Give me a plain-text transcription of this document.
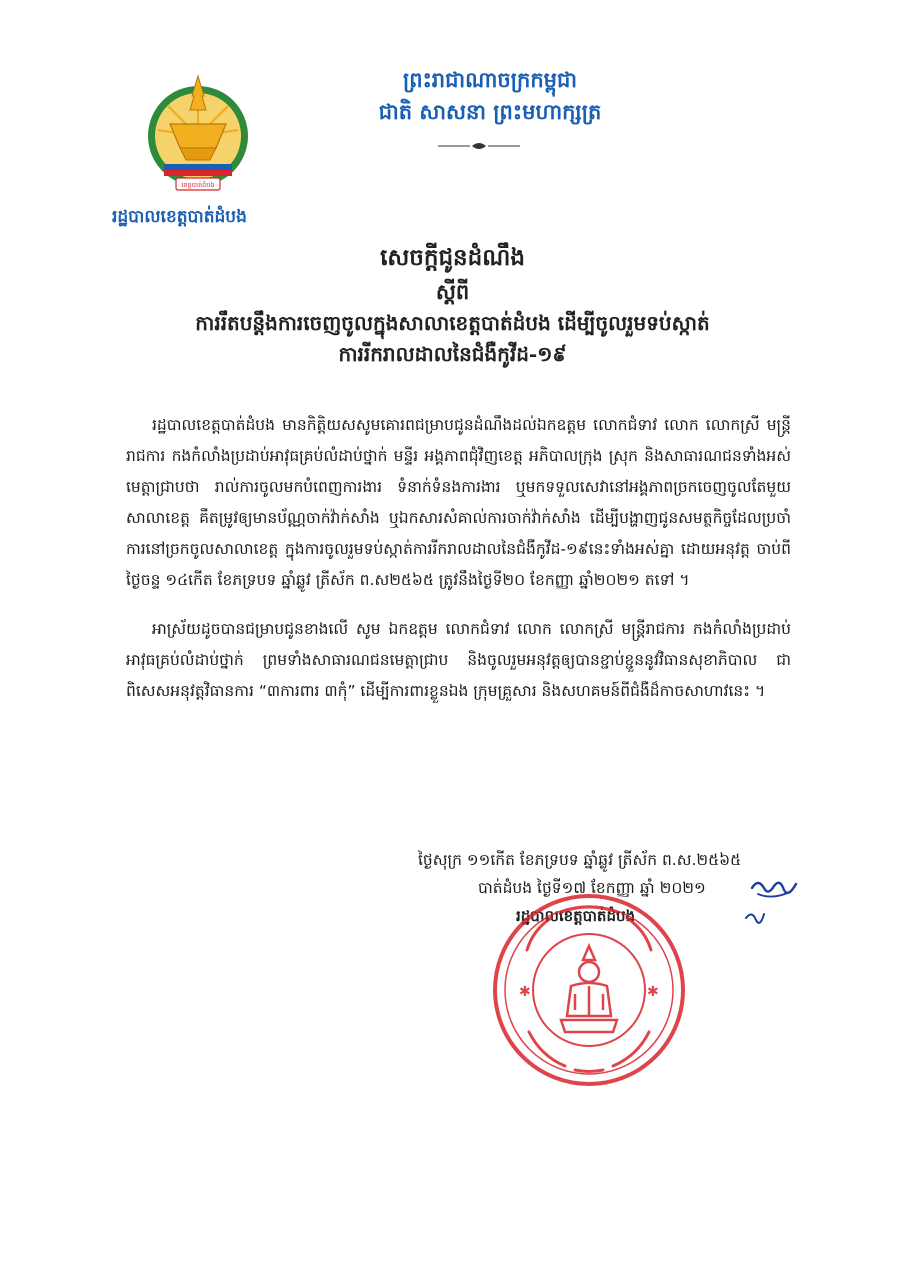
ខេត្តបាត់ដំបង
រដ្ឋបាលខេត្តបាត់ដំបង
ព្រះរាជាណាចក្រកម្ពុជា
ជាតិ សាសនា ព្រះមហាក្សត្រ
សេចក្តីជូនដំណឹង
ស្តីពី
ការរឹតបន្តឹងការចេញចូលក្នុងសាលាខេត្តបាត់ដំបង ដើម្បីចូលរួមទប់ស្កាត់
ការរីករាលដាលនៃជំងឺកូវីដ-១៩

រដ្ឋបាលខេត្តបាត់ដំបង មានកិត្តិយសសូមគោរពជម្រាបជូនដំណឹងដល់ឯកឧត្តម លោកជំទាវ លោក លោកស្រី មន្ត្រីរាជការ កងកំលាំងប្រដាប់អាវុធគ្រប់លំដាប់ថ្នាក់ មន្ទីរ អង្គភាពជុំវិញខេត្ត អភិបាលក្រុង ស្រុក និងសាធារណជនទាំងអស់ មេត្តាជ្រាបថា រាល់ការចូលមកបំពេញការងារ ទំនាក់ទំនងការងារ ឬមកទទួលសេវានៅអង្គភាពច្រកចេញចូលតែមួយសាលាខេត្ត គឺតម្រូវឲ្យមានប័ណ្ណចាក់វ៉ាក់សាំង ឬឯកសារសំគាល់ការចាក់វ៉ាក់សាំង ដើម្បីបង្ហាញជូនសមត្ថកិច្ចដែលប្រចាំការនៅច្រកចូលសាលាខេត្ត ក្នុងការចូលរួមទប់ស្កាត់ការរីករាលដាលនៃជំងឺកូវីដ-១៩នេះទាំងអស់គ្នា ដោយអនុវត្ត ចាប់ពីថ្ងៃចន្ទ ១៤កើត ខែភទ្របទ ឆ្នាំឆ្លូវ ត្រីស័ក ព.ស២៥៦៥ ត្រូវនឹងថ្ងៃទី២០ ខែកញ្ញា ឆ្នាំ២០២១ តទៅ ។

អាស្រ័យដូចបានជម្រាបជូនខាងលើ សូម ឯកឧត្តម លោកជំទាវ លោក លោកស្រី មន្ត្រីរាជការ កងកំលាំងប្រដាប់អាវុធគ្រប់លំដាប់ថ្នាក់ ព្រមទាំងសាធារណជនមេត្តាជ្រាប និងចូលរួមអនុវត្តឲ្យបានខ្ជាប់ខ្ជួននូវវិធានសុខាភិបាល ជាពិសេសអនុវត្តវិធានការ “៣ការពារ ៣កុំ” ដើម្បីការពារខ្លួនឯង ក្រុមគ្រួសារ និងសហគមន៍ពីជំងឺដ៏កាចសាហាវនេះ ។

ថ្ងៃសុក្រ ១១កើត ខែភទ្របទ ឆ្នាំឆ្លូវ ត្រីស័ក ព.ស.២៥៦៥
បាត់ដំបង ថ្ងៃទី១៧ ខែកញ្ញា ឆ្នាំ ២០២១
រដ្ឋបាលខេត្តបាត់ដំបង
✱	✱
